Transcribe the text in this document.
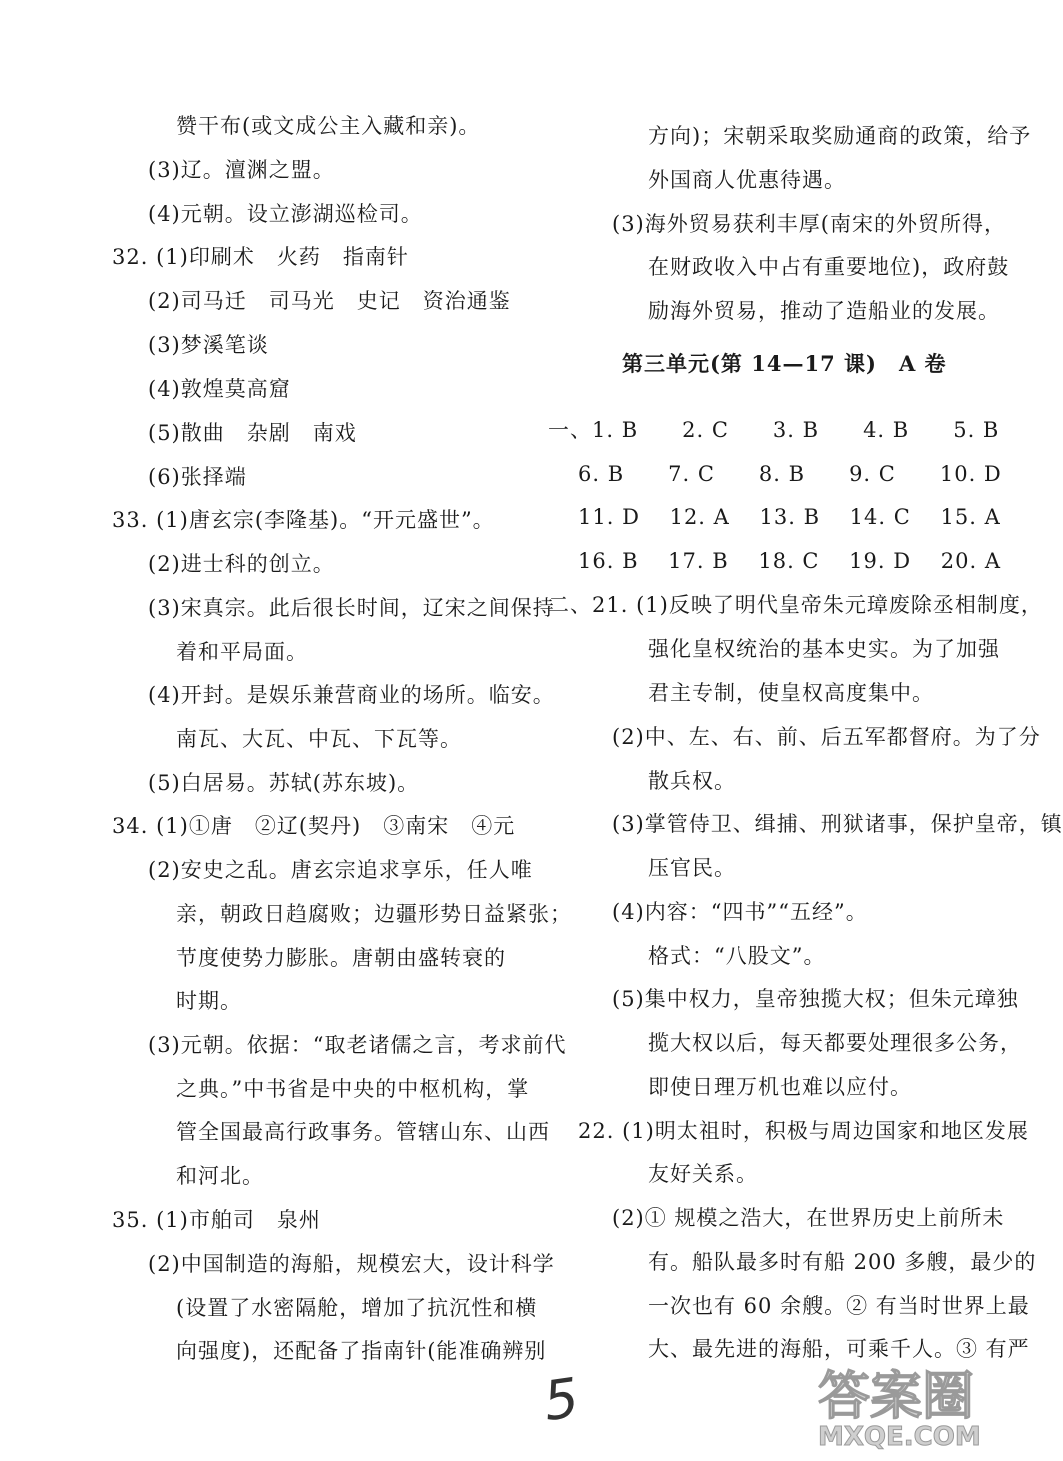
赞干布(或文成公主入藏和亲)。
(3)辽。澶渊之盟。
(4)元朝。设立澎湖巡检司。
32. (1)印刷术　火药　指南针
(2)司马迁　司马光　史记　资治通鉴
(3)梦溪笔谈
(4)敦煌莫高窟
(5)散曲　杂剧　南戏
(6)张择端
33. (1)唐玄宗(李隆基)。“开元盛世”。
(2)进士科的创立。
(3)宋真宗。此后很长时间，辽宋之间保持
着和平局面。
(4)开封。是娱乐兼营商业的场所。临安。
南瓦、大瓦、中瓦、下瓦等。
(5)白居易。苏轼(苏东坡)。
34. (1)①唐　②辽(契丹)　③南宋　④元
(2)安史之乱。唐玄宗追求享乐，任人唯
亲，朝政日趋腐败；边疆形势日益紧张；
节度使势力膨胀。唐朝由盛转衰的
时期。
(3)元朝。依据：“取老诸儒之言，考求前代
之典。”中书省是中央的中枢机构，掌
管全国最高行政事务。管辖山东、山西
和河北。
35. (1)市舶司　泉州
(2)中国制造的海船，规模宏大，设计科学
(设置了水密隔舱，增加了抗沉性和横
向强度)，还配备了指南针(能准确辨别
方向)；宋朝采取奖励通商的政策，给予
外国商人优惠待遇。
(3)海外贸易获利丰厚(南宋的外贸所得，
在财政收入中占有重要地位)，政府鼓
励海外贸易，推动了造船业的发展。
第三单元(第 14—17 课)　A 卷
一、1. B　　2. C　　3. B　　4. B　　5. B
6. B　　7. C　　8. B　　9. C　　10. D
11. D　 12. A　 13. B　 14. C　 15. A
16. B　 17. B　 18. C　 19. D　 20. A
二、21. (1)反映了明代皇帝朱元璋废除丞相制度，
强化皇权统治的基本史实。为了加强
君主专制，使皇权高度集中。
(2)中、左、右、前、后五军都督府。为了分
散兵权。
(3)掌管侍卫、缉捕、刑狱诸事，保护皇帝，镇
压官民。
(4)内容：“四书”“五经”。
格式：“八股文”。
(5)集中权力，皇帝独揽大权；但朱元璋独
揽大权以后，每天都要处理很多公务，
即使日理万机也难以应付。
22. (1)明太祖时，积极与周边国家和地区发展
友好关系。
(2)① 规模之浩大，在世界历史上前所未
有。船队最多时有船 200 多艘，最少的
一次也有 60 余艘。② 有当时世界上最
大、最先进的海船，可乘千人。③ 有严
5	答案圈
MXQE.COM
